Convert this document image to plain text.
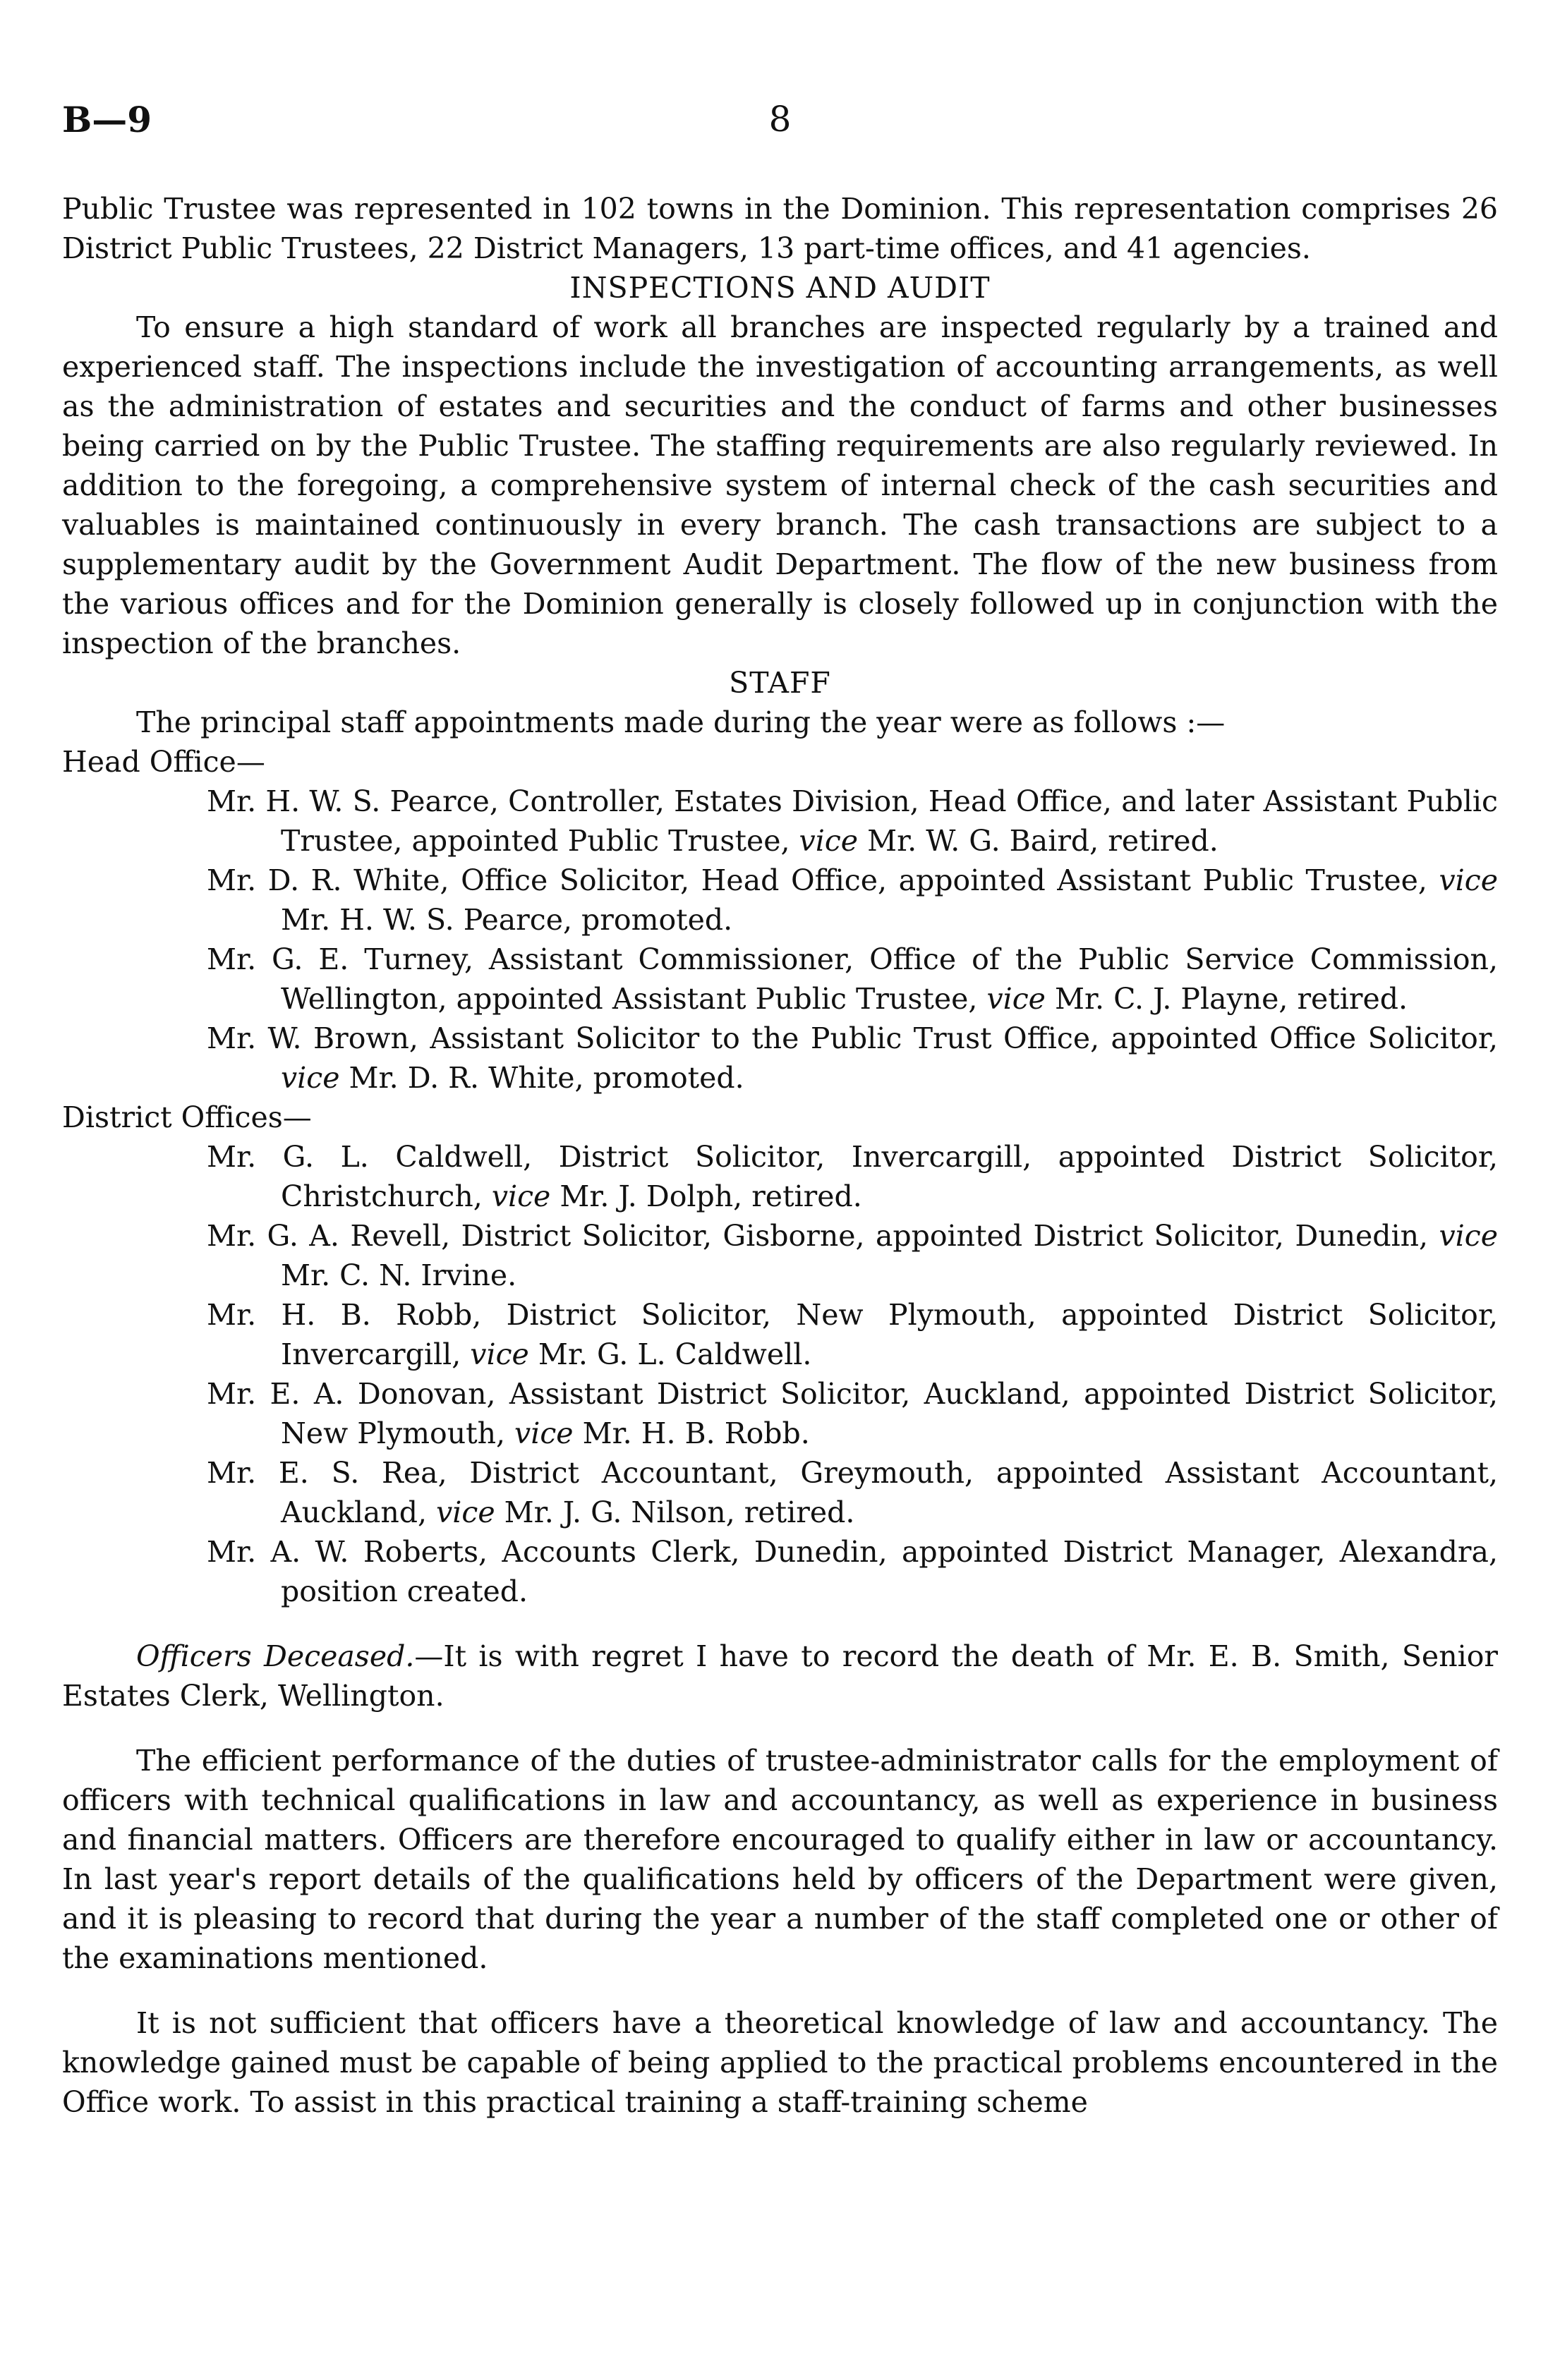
B—9	8

Public Trustee was represented in 102 towns in the Dominion. This representation comprises 26 District Public Trustees, 22 District Managers, 13 part-time offices, and 41 agencies.

INSPECTIONS AND AUDIT

To ensure a high standard of work all branches are inspected regularly by a trained and experienced staff. The inspections include the investigation of accounting arrangements, as well as the administration of estates and securities and the conduct of farms and other businesses being carried on by the Public Trustee. The staffing requirements are also regularly reviewed. In addition to the foregoing, a comprehensive system of internal check of the cash securities and valuables is maintained continuously in every branch. The cash transactions are subject to a supplementary audit by the Government Audit Department. The flow of the new business from the various offices and for the Dominion generally is closely followed up in conjunction with the inspection of the branches.

STAFF

The principal staff appointments made during the year were as follows :—

Head Office—

Mr. H. W. S. Pearce, Controller, Estates Division, Head Office, and later Assistant Public Trustee, appointed Public Trustee, vice Mr. W. G. Baird, retired.

Mr. D. R. White, Office Solicitor, Head Office, appointed Assistant Public Trustee, vice Mr. H. W. S. Pearce, promoted.

Mr. G. E. Turney, Assistant Commissioner, Office of the Public Service Commission, Wellington, appointed Assistant Public Trustee, vice Mr. C. J. Playne, retired.

Mr. W. Brown, Assistant Solicitor to the Public Trust Office, appointed Office Solicitor, vice Mr. D. R. White, promoted.

District Offices—

Mr. G. L. Caldwell, District Solicitor, Invercargill, appointed District Solicitor, Christchurch, vice Mr. J. Dolph, retired.

Mr. G. A. Revell, District Solicitor, Gisborne, appointed District Solicitor, Dunedin, vice Mr. C. N. Irvine.

Mr. H. B. Robb, District Solicitor, New Plymouth, appointed District Solicitor, Invercargill, vice Mr. G. L. Caldwell.

Mr. E. A. Donovan, Assistant District Solicitor, Auckland, appointed District Solicitor, New Plymouth, vice Mr. H. B. Robb.

Mr. E. S. Rea, District Accountant, Greymouth, appointed Assistant Accountant, Auckland, vice Mr. J. G. Nilson, retired.

Mr. A. W. Roberts, Accounts Clerk, Dunedin, appointed District Manager, Alexandra, position created.

Officers Deceased.—It is with regret I have to record the death of Mr. E. B. Smith, Senior Estates Clerk, Wellington.

The efficient performance of the duties of trustee-administrator calls for the employment of officers with technical qualifications in law and accountancy, as well as experience in business and financial matters. Officers are therefore encouraged to qualify either in law or accountancy. In last year's report details of the qualifications held by officers of the Department were given, and it is pleasing to record that during the year a number of the staff completed one or other of the examinations mentioned.

It is not sufficient that officers have a theoretical knowledge of law and accountancy. The knowledge gained must be capable of being applied to the practical problems encountered in the Office work. To assist in this practical training a staff-training scheme
